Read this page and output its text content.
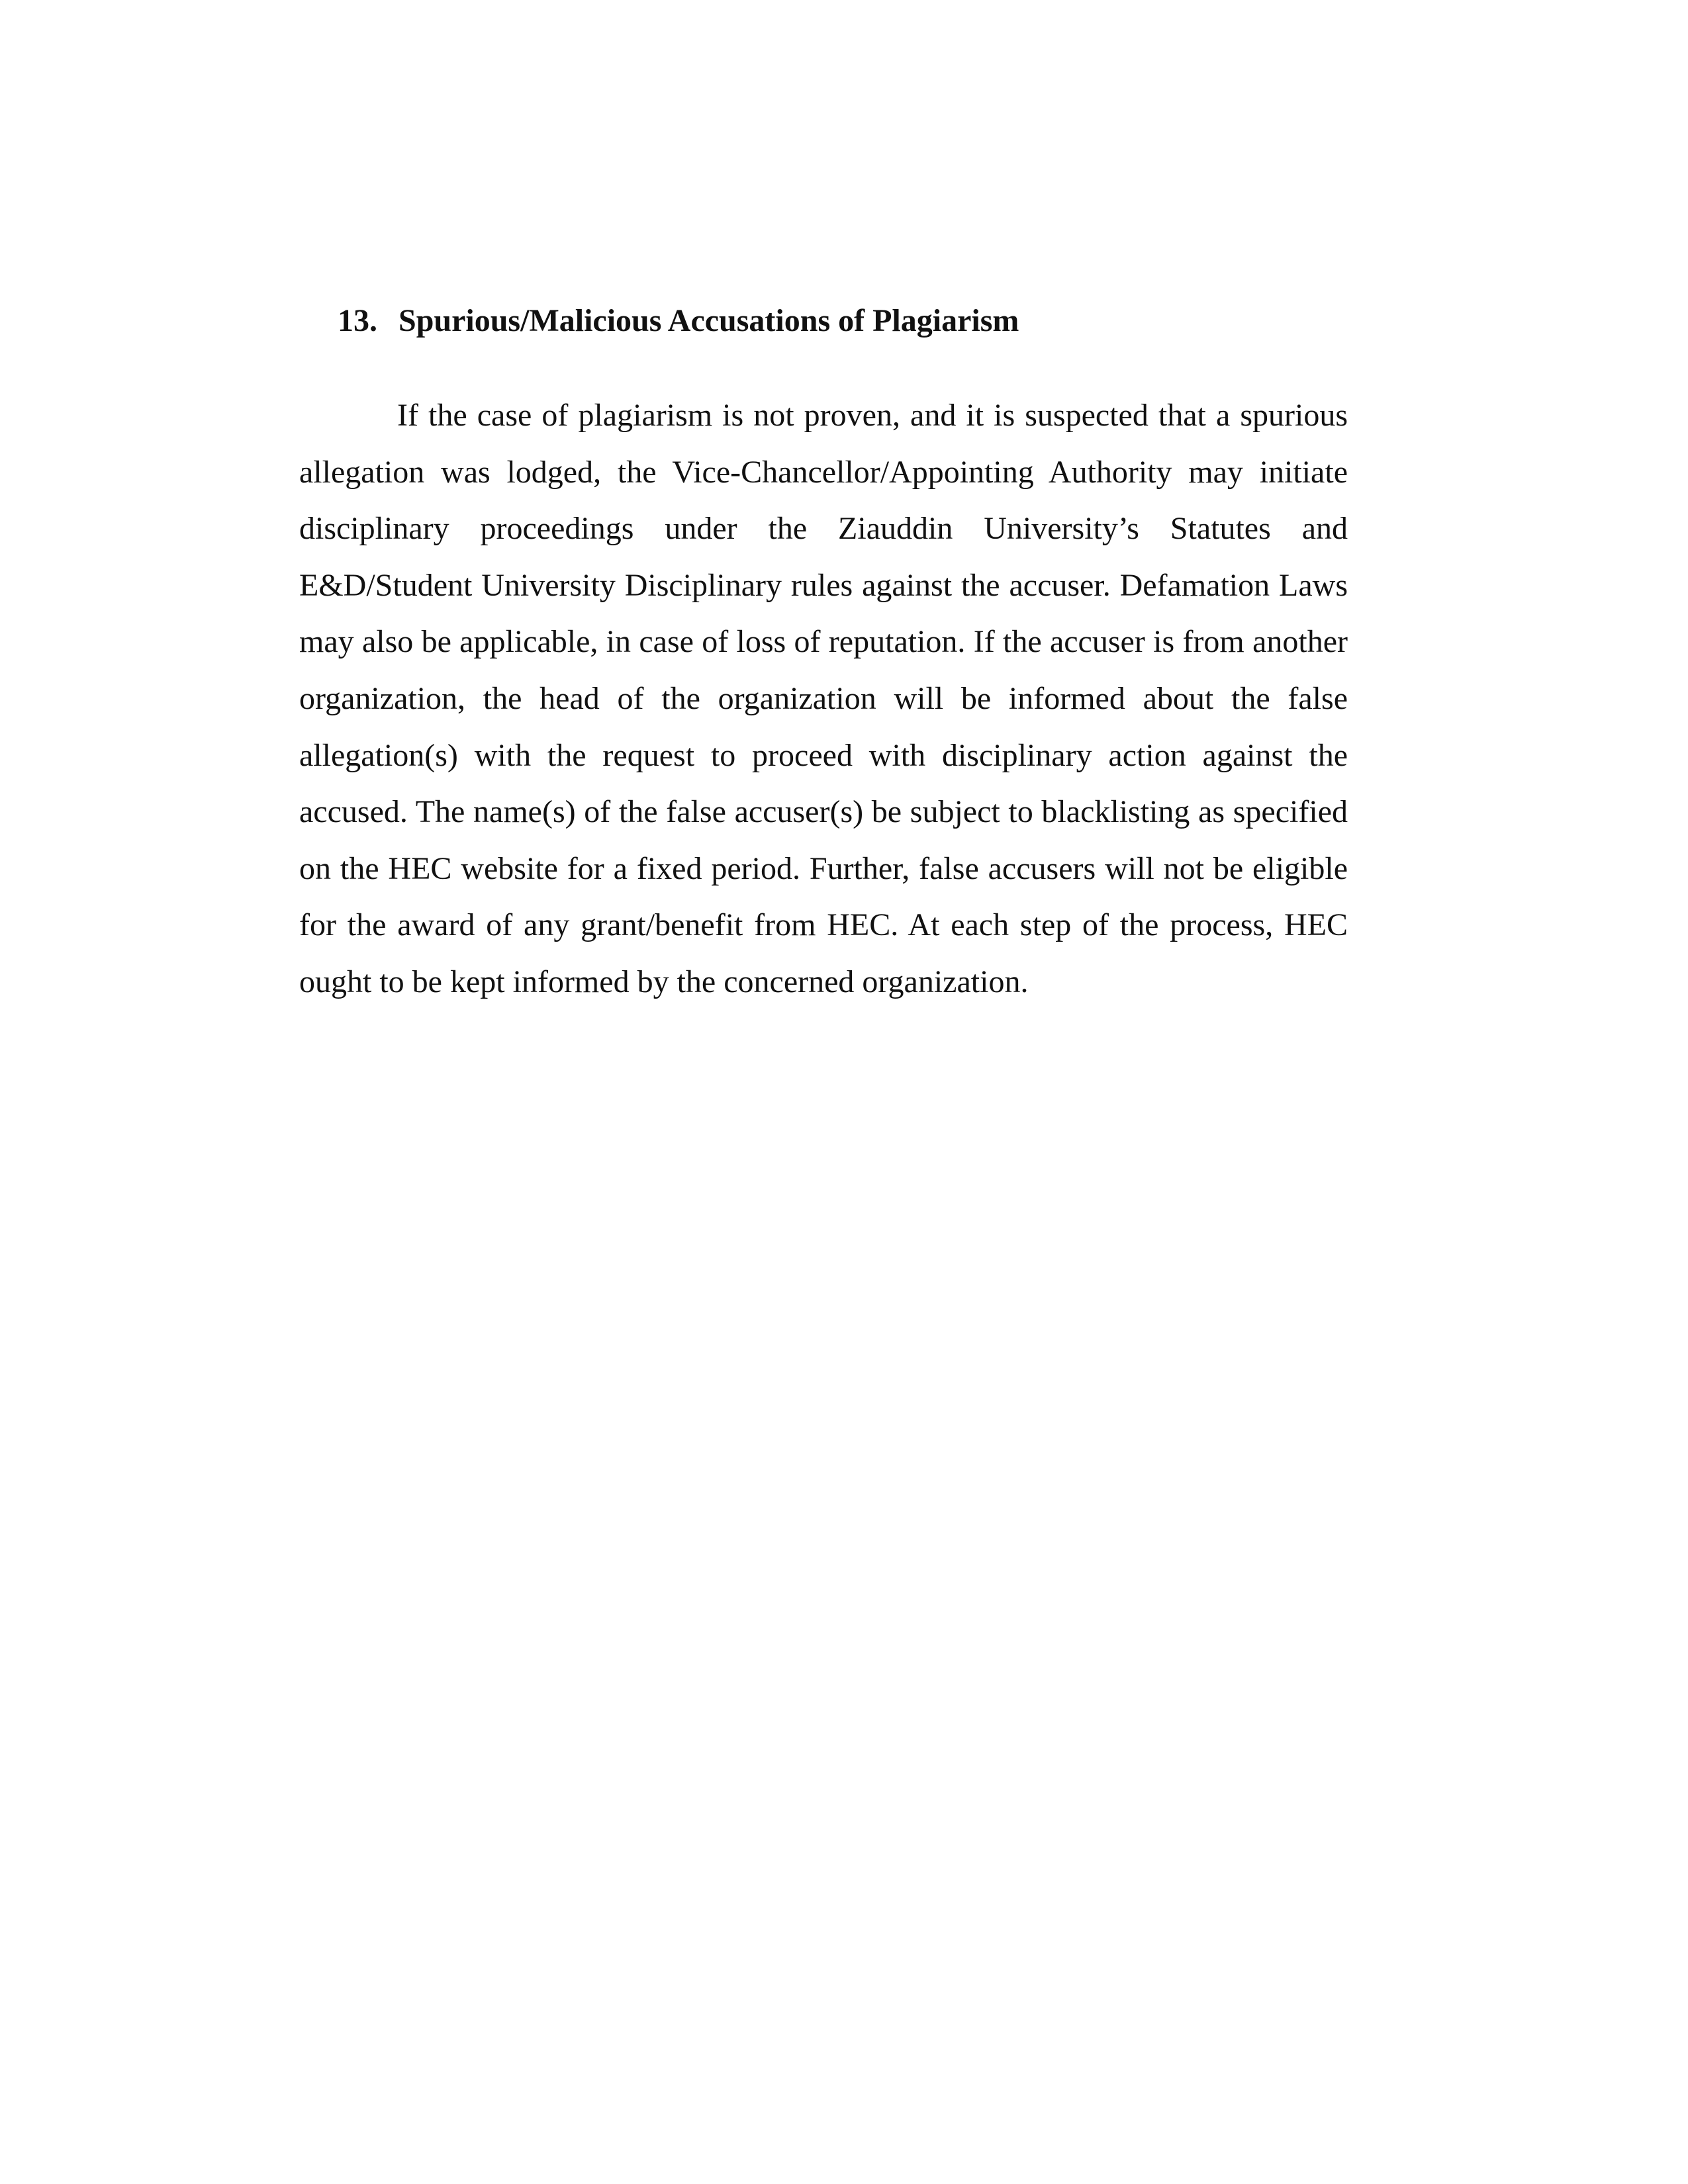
13. Spurious/Malicious Accusations of Plagiarism

If the case of plagiarism is not proven, and it is suspected that a spurious allegation was lodged, the Vice-Chancellor/Appointing Authority may initiate disciplinary proceedings under the Ziauddin University’s Statutes and E&D/Student University Disciplinary rules against the accuser. Defamation Laws may also be applicable, in case of loss of reputation. If the accuser is from another organization, the head of the organization will be informed about the false allegation(s) with the request to proceed with disciplinary action against the accused. The name(s) of the false accuser(s) be subject to blacklisting as specified on the HEC website for a fixed period. Further, false accusers will not be eligible for the award of any grant/benefit from HEC. At each step of the process, HEC ought to be kept informed by the concerned organization.
